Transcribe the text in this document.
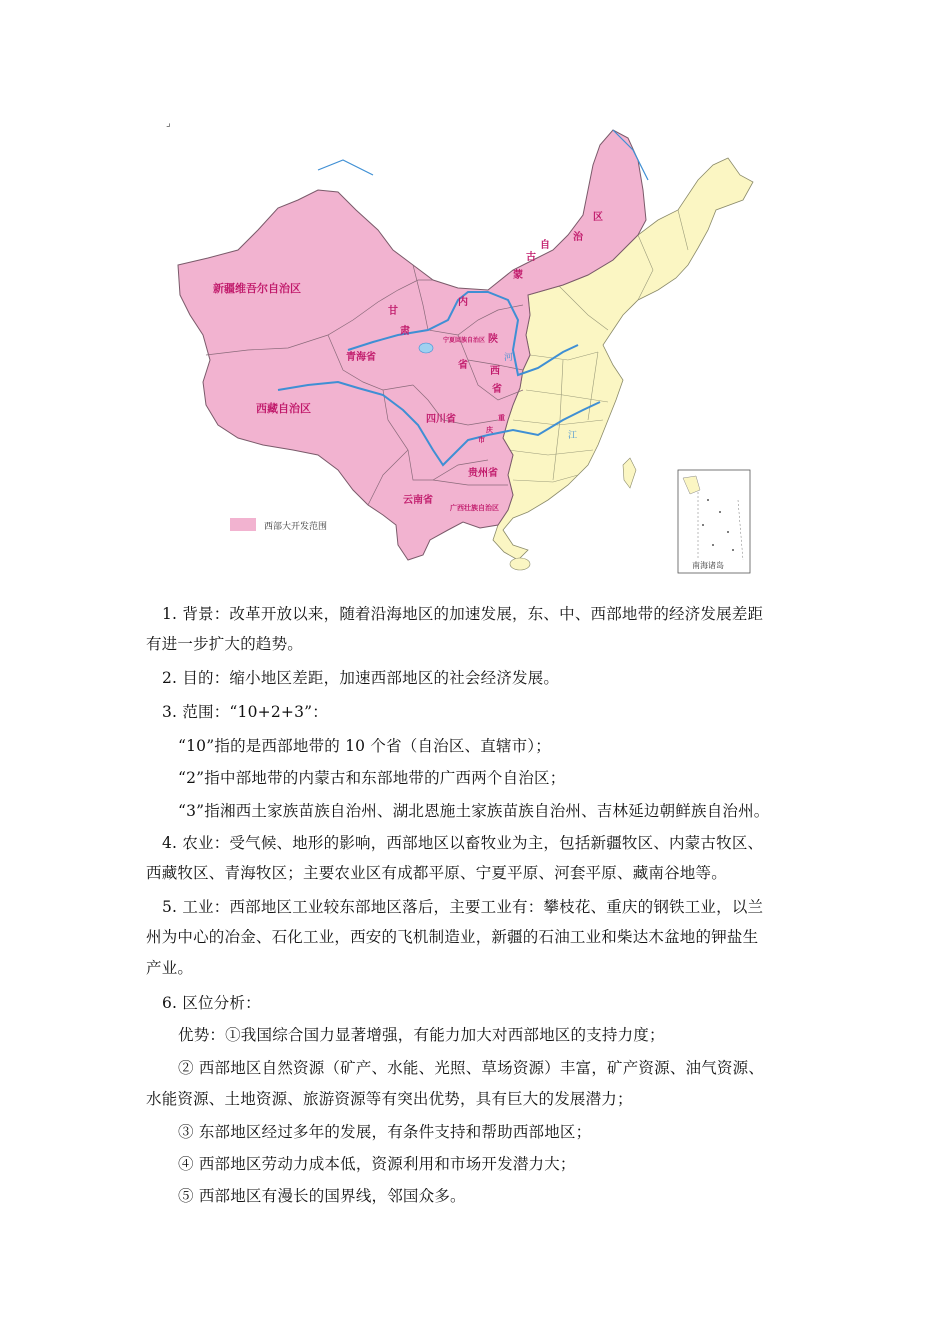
⌟
新疆维吾尔自治区
西藏自治区
青海省
四川省
贵州省
云南省
广西壮族自治区
甘
肃
省
内
蒙
古
自
治
区
宁夏回族自治区 陕
西
省
重
庆
市
河
江
南海诸岛
西部大开发范围
1. 背景：改革开放以来，随着沿海地区的加速发展，东、中、西部地带的经济发展差距
有进一步扩大的趋势。
2. 目的：缩小地区差距，加速西部地区的社会经济发展。
3. 范围：“10+2+3”：
“10”指的是西部地带的 10 个省（自治区、直辖市）；
“2”指中部地带的内蒙古和东部地带的广西两个自治区；
“3”指湘西土家族苗族自治州、湖北恩施土家族苗族自治州、吉林延边朝鲜族自治州。
4. 农业：受气候、地形的影响，西部地区以畜牧业为主，包括新疆牧区、内蒙古牧区、
西藏牧区、青海牧区；主要农业区有成都平原、宁夏平原、河套平原、藏南谷地等。
5. 工业：西部地区工业较东部地区落后，主要工业有：攀枝花、重庆的钢铁工业，以兰
州为中心的冶金、石化工业，西安的飞机制造业，新疆的石油工业和柴达木盆地的钾盐生
产业。
6. 区位分析：
优势：①我国综合国力显著增强，有能力加大对西部地区的支持力度；
② 西部地区自然资源（矿产、水能、光照、草场资源）丰富，矿产资源、油气资源、
水能资源、土地资源、旅游资源等有突出优势，具有巨大的发展潜力；
③ 东部地区经过多年的发展，有条件支持和帮助西部地区；
④ 西部地区劳动力成本低，资源利用和市场开发潜力大；
⑤ 西部地区有漫长的国界线，邻国众多。
